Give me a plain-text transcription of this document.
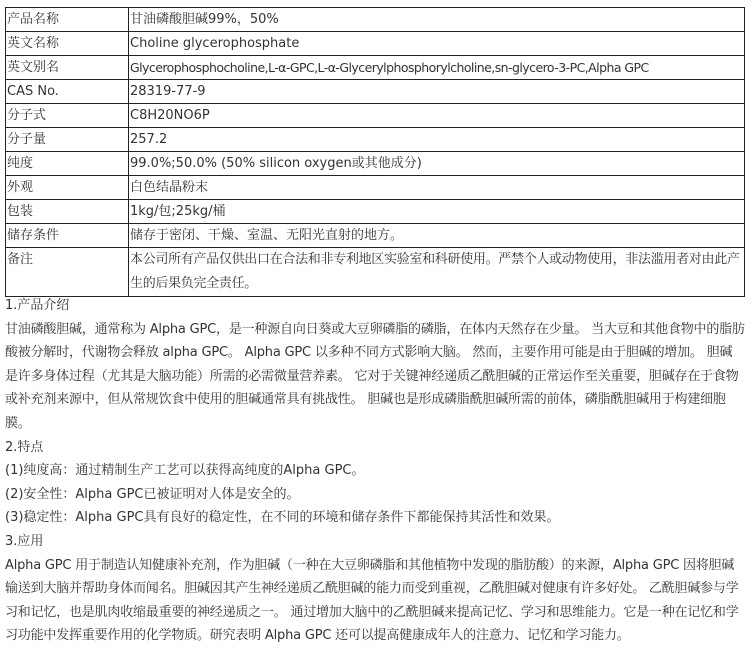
产品名称	甘油磷酸胆碱99%，50%
英文名称	Choline glycerophosphate
英文别名	Glycerophosphocholine,L-α-GPC,L-α-Glycerylphosphorylcholine,sn-glycero-3-PC,Alpha GPC
CAS No.	28319-77-9
分子式	C8H20NO6P
分子量	257.2
纯度	99.0%;50.0% (50% silicon oxygen或其他成分)
外观	白色结晶粉末
包装	1kg/包;25kg/桶
储存条件	储存于密闭、干燥、室温、无阳光直射的地方。
备注	本公司所有产品仅供出口在合法和非专利地区实验室和科研使用。严禁个人或动物使用，非法滥用者对由此产生的后果负完全责任。

1.产品介绍

甘油磷酸胆碱，通常称为 Alpha GPC，是一种源自向日葵或大豆卵磷脂的磷脂，在体内天然存在少量。 当大豆和其他食物中的脂肪酸被分解时，代谢物会释放 alpha GPC。 Alpha GPC 以多种不同方式影响大脑。 然而，主要作用可能是由于胆碱的增加。 胆碱是许多身体过程（尤其是大脑功能）所需的必需微量营养素。 它对于关键神经递质乙酰胆碱的正常运作至关重要，胆碱存在于食物或补充剂来源中，但从常规饮食中使用的胆碱通常具有挑战性。 胆碱也是形成磷脂酰胆碱所需的前体，磷脂酰胆碱用于构建细胞膜。

2.特点

(1)纯度高：通过精制生产工艺可以获得高纯度的Alpha GPC。

(2)安全性：Alpha GPC已被证明对人体是安全的。

(3)稳定性：Alpha GPC具有良好的稳定性，在不同的环境和储存条件下都能保持其活性和效果。

3.应用

Alpha GPC 用于制造认知健康补充剂，作为胆碱（一种在大豆卵磷脂和其他植物中发现的脂肪酸）的来源，Alpha GPC 因将胆碱输送到大脑并帮助身体而闻名。胆碱因其产生神经递质乙酰胆碱的能力而受到重视，乙酰胆碱对健康有许多好处。 乙酰胆碱参与学习和记忆，也是肌肉收缩最重要的神经递质之一。 通过增加大脑中的乙酰胆碱来提高记忆、学习和思维能力。它是一种在记忆和学习功能中发挥重要作用的化学物质。研究表明 Alpha GPC 还可以提高健康成年人的注意力、记忆和学习能力。
